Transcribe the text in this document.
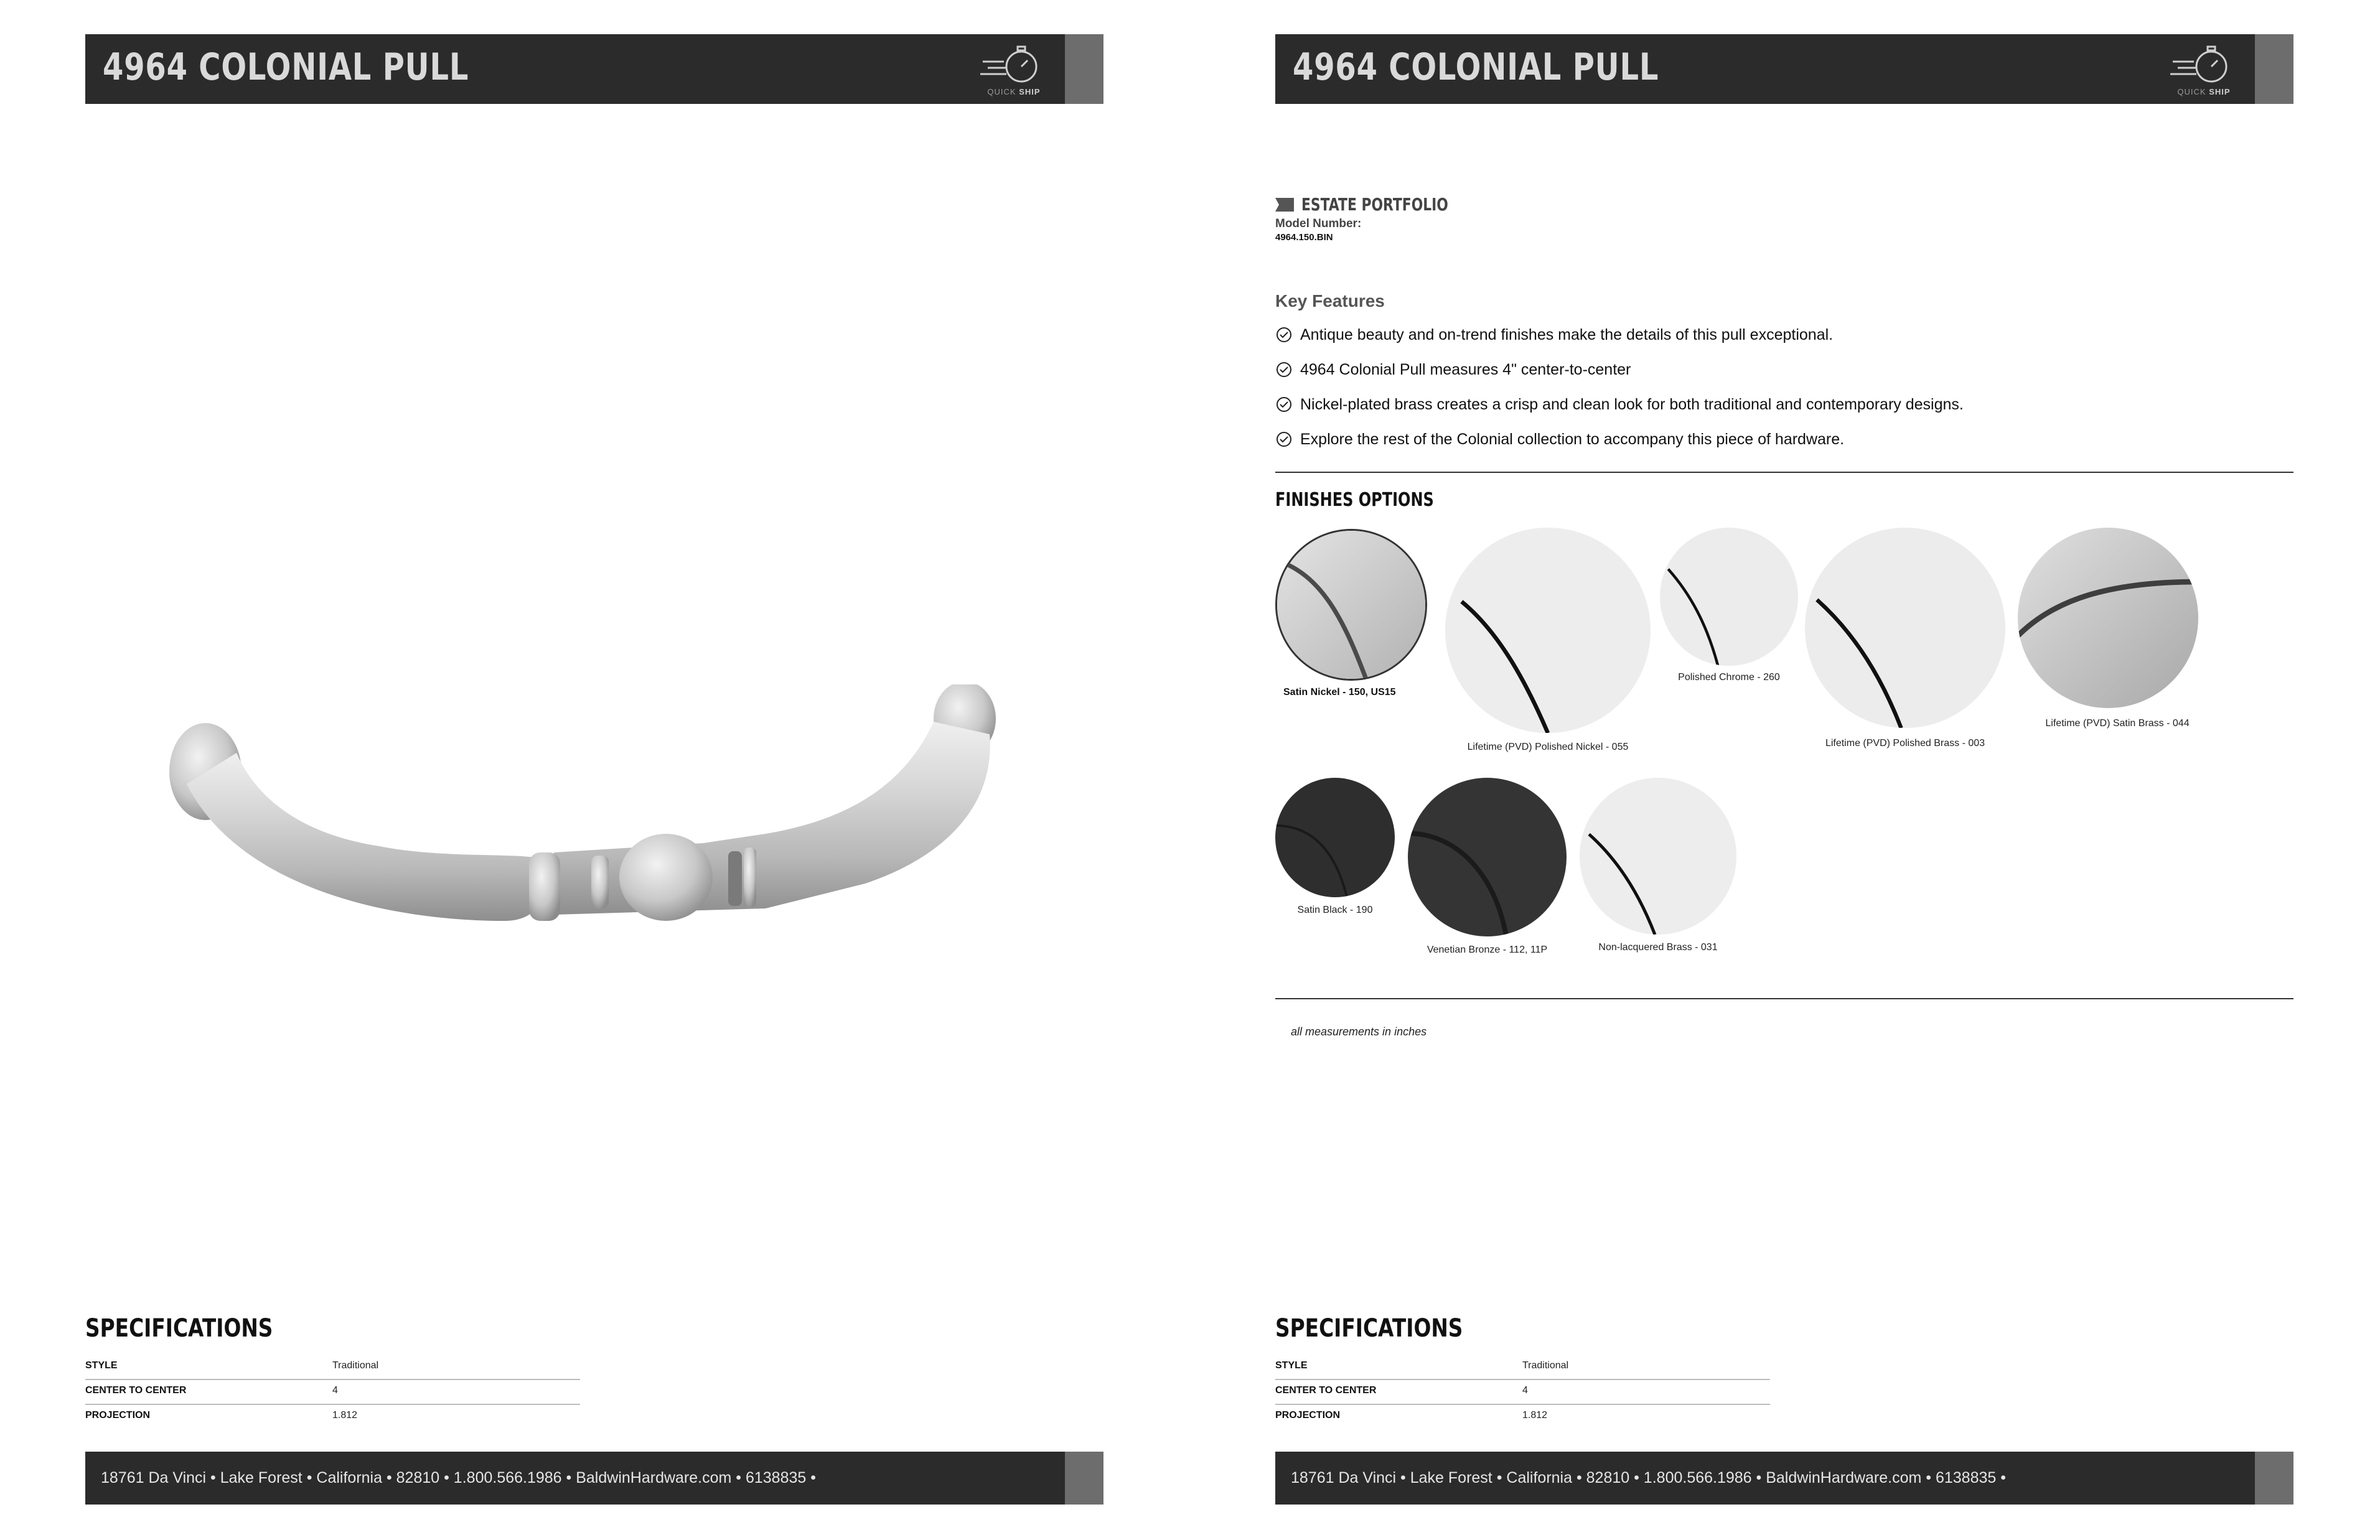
4964 COLONIAL PULL
QUICK SHIP
SPECIFICATIONS
STYLE	Traditional
CENTER TO CENTER	4
PROJECTION	1.812
18761 Da Vinci • Lake Forest • California • 82810 • 1.800.566.1986 • BaldwinHardware.com • 6138835 •
4964 COLONIAL PULL
QUICK SHIP
ESTATE PORTFOLIO
Model Number:
4964.150.BIN
Key Features
Antique beauty and on-trend finishes make the details of this pull exceptional.
4964 Colonial Pull measures 4" center-to-center
Nickel-plated brass creates a crisp and clean look for both traditional and contemporary designs.
Explore the rest of the Colonial collection to accompany this piece of hardware.
FINISHES OPTIONS
Satin Nickel - 150, US15
Lifetime (PVD) Polished Nickel - 055
Polished Chrome - 260
Lifetime (PVD) Polished Brass - 003
Lifetime (PVD) Satin Brass - 044
Satin Black - 190
Venetian Bronze - 112, 11P	Non-lacquered Brass - 031
all measurements in inches
SPECIFICATIONS
STYLE	Traditional
CENTER TO CENTER	4
PROJECTION	1.812
18761 Da Vinci • Lake Forest • California • 82810 • 1.800.566.1986 • BaldwinHardware.com • 6138835 •
